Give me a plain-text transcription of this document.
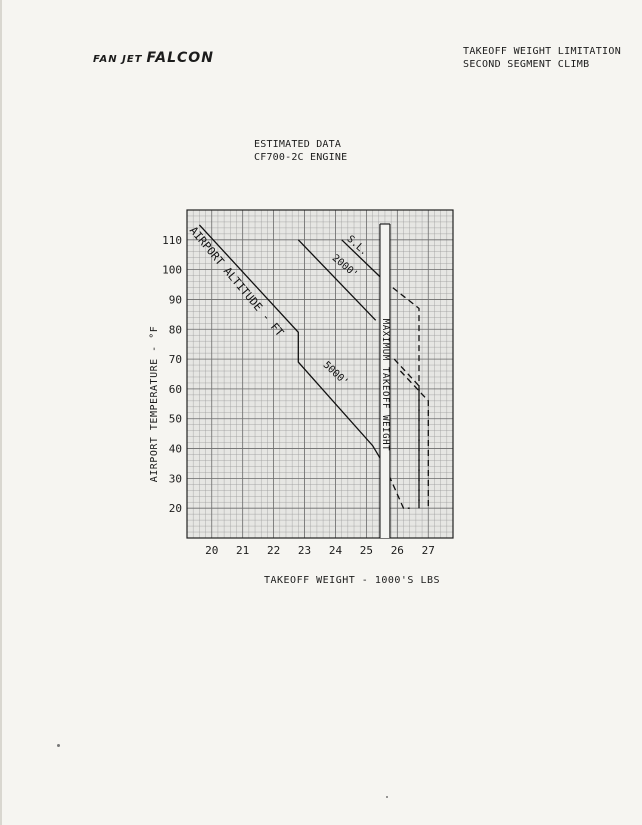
FAN JET FALCON	TAKEOFF WEIGHT LIMITATION
SECOND SEGMENT CLIMB
ESTIMATED DATA
CF700-2C ENGINE
20 21 22 23 24 25 26 27
20
30
40
50
60
70
80
90
100
110
TAKEOFF WEIGHT - 1000'S LBS
AIRPORT TEMPERATURE - °F	MAXIMUM TAKEOFF WEIGHT
AIRPORT ALTITUDE - FT
5000'
2000'
S.L.
